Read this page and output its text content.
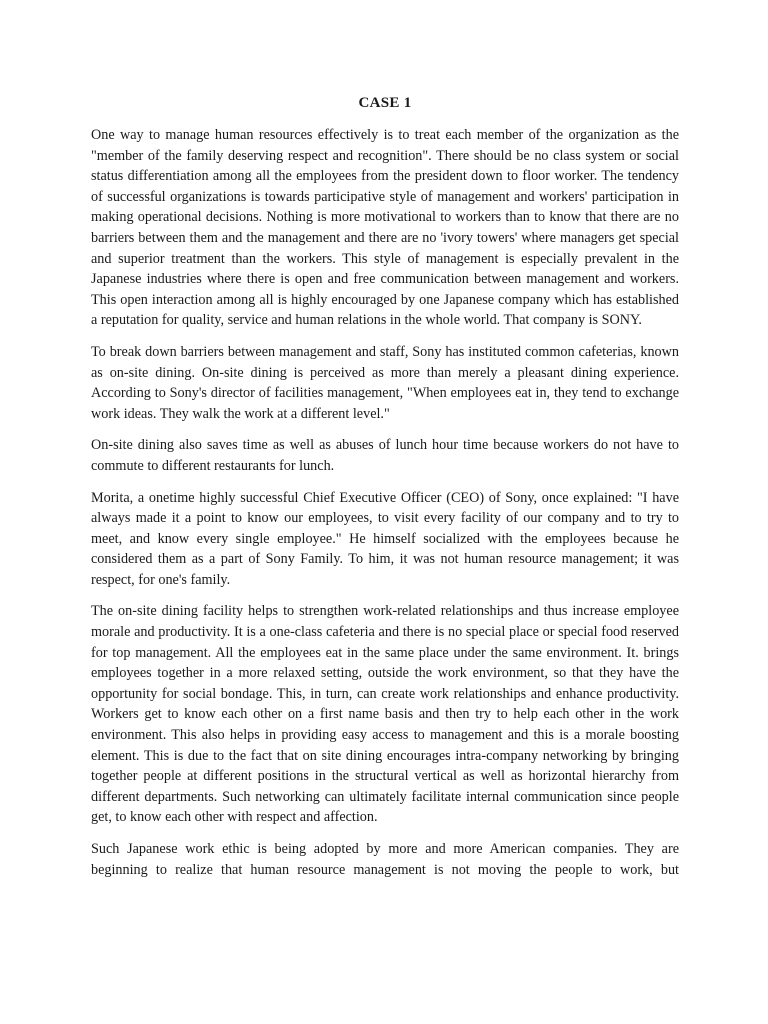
CASE 1

One way to manage human resources effectively is to treat each member of the organization as the "member of the family deserving respect and recognition". There should be no class system or social status differentiation among all the employees from the president down to floor worker. The tendency of successful organizations is towards participative style of management and workers' participation in making operational decisions. Nothing is more motivational to workers than to know that there are no barriers between them and the management and there are no 'ivory towers' where managers get special and superior treatment than the workers. This style of management is especially prevalent in the Japanese industries where there is open and free communication between management and workers. This open interaction among all is highly encouraged by one Japanese company which has established a reputation for quality, service and human relations in the whole world. That company is SONY.

To break down barriers between management and staff, Sony has instituted common cafeterias, known as on-site dining. On-site dining is perceived as more than merely a pleasant dining experience. According to Sony's director of facilities management, "When employees eat in, they tend to exchange work ideas. They walk the work at a different level."

On-site dining also saves time as well as abuses of lunch hour time because workers do not have to commute to different restaurants for lunch.

Morita, a onetime highly successful Chief Executive Officer (CEO) of Sony, once explained: "I have always made it a point to know our employees, to visit every facility of our company and to try to meet, and know every single employee." He himself socialized with the employees because he considered them as a part of Sony Family. To him, it was not human resource management; it was respect, for one's family.

The on-site dining facility helps to strengthen work-related relationships and thus increase employee morale and productivity. It is a one-class cafeteria and there is no special place or special food reserved for top management. All the employees eat in the same place under the same environment. It. brings employees together in a more relaxed setting, outside the work environment, so that they have the opportunity for social bondage. This, in turn, can create work relationships and enhance productivity. Workers get to know each other on a first name basis and then try to help each other in the work environment. This also helps in providing easy access to management and this is a morale boosting element. This is due to the fact that on site dining encourages intra-company networking by bringing together people at different positions in the structural vertical as well as horizontal hierarchy from different departments. Such networking can ultimately facilitate internal communication since people get, to know each other with respect and affection.

Such Japanese work ethic is being adopted by more and more American companies. They are beginning to realize that human resource management is not moving the people to work, but
